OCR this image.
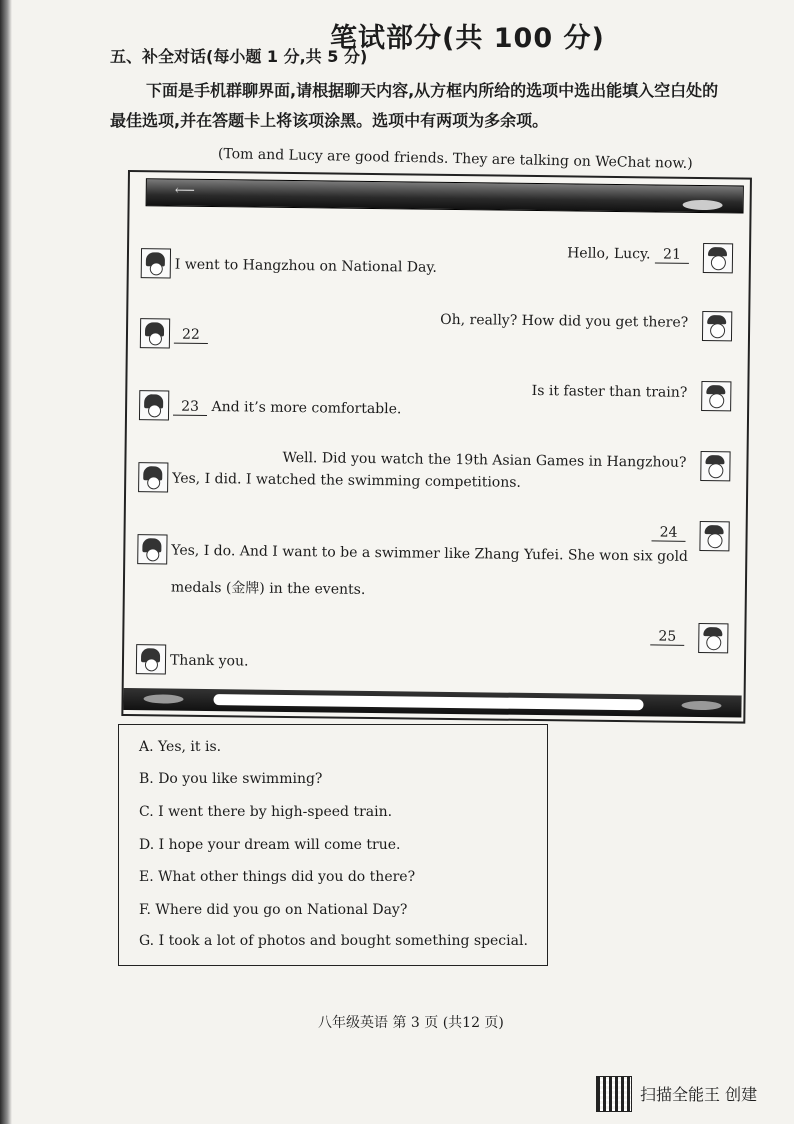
笔试部分(共 100 分)
五、补全对话(每小题 1 分,共 5 分)
下面是手机群聊界面,请根据聊天内容,从方框内所给的选项中选出能填入空白处的
最佳选项,并在答题卡上将该项涂黑。选项中有两项为多余项。
(Tom and Lucy are good friends. They are talking on WeChat now.)
⟵
Hello, Lucy. 21
I went to Hangzhou on National Day.
Oh, really? How did you get there?
22
Is it faster than train?
23 And it’s more comfortable.
Well. Did you watch the 19th Asian Games in Hangzhou?
Yes, I did. I watched the swimming competitions.
24
Yes, I do. And I want to be a swimmer like Zhang Yufei. She won six gold
medals (金牌) in the events.
25
Thank you.
A. Yes, it is.
B. Do you like swimming?
C. I went there by high-speed train.
D. I hope your dream will come true.
E. What other things did you do there?
F. Where did you go on National Day?
G. I took a lot of photos and bought something special.
八年级英语 第 3 页 (共12 页)
扫描全能王 创建
